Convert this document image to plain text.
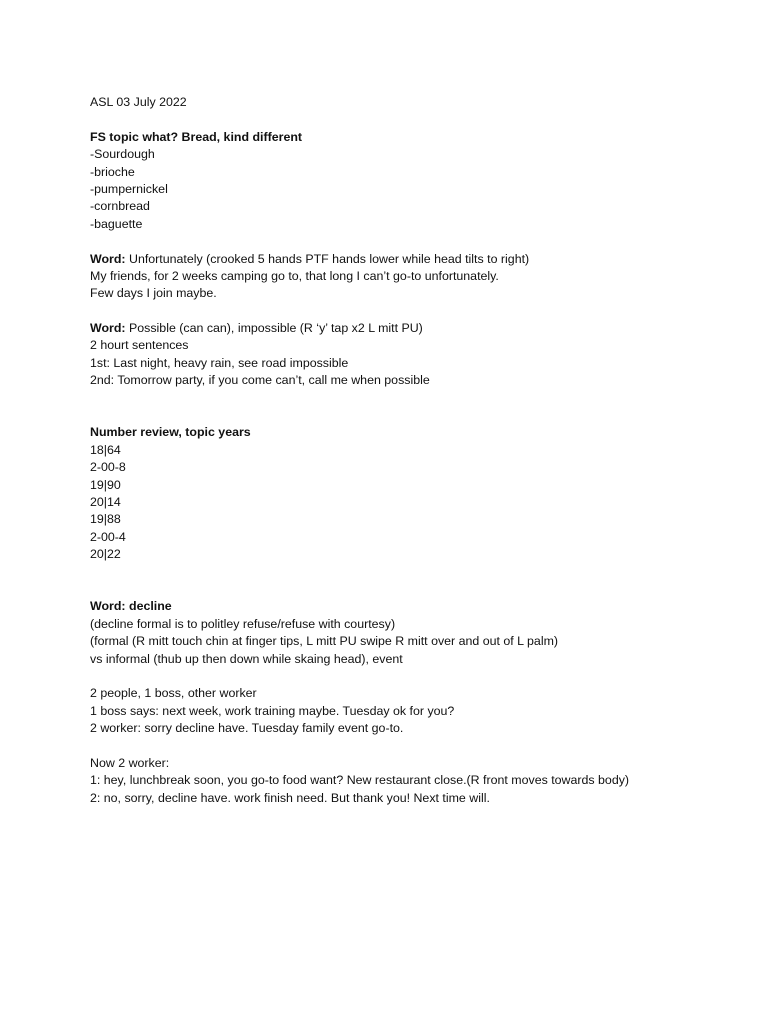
ASL 03 July 2022
FS topic what? Bread, kind different
-Sourdough
-brioche
-pumpernickel
-cornbread
-baguette
Word: Unfortunately (crooked 5 hands PTF hands lower while head tilts to right)
My friends, for 2 weeks camping go to, that long I can’t go-to unfortunately.
Few days I join maybe.
Word: Possible (can can), impossible (R ‘y’ tap x2 L mitt PU)
2 hourt sentences
1st: Last night, heavy rain, see road impossible
2nd: Tomorrow party, if you come can’t, call me when possible
Number review, topic years
18|64
2-00-8
19|90
20|14
19|88
2-00-4
20|22
Word: decline
(decline formal is to politley refuse/refuse with courtesy)
(formal (R mitt touch chin at finger tips, L mitt PU swipe R mitt over and out of L palm)
vs informal (thub up then down while skaing head), event
2 people, 1 boss, other worker
1 boss says: next week, work training maybe. Tuesday ok for you?
2 worker: sorry decline have. Tuesday family event go-to.
Now 2 worker:
1: hey, lunchbreak soon, you go-to food want? New restaurant close.(R front moves towards body)
2: no, sorry, decline have. work finish need. But thank you! Next time will.
